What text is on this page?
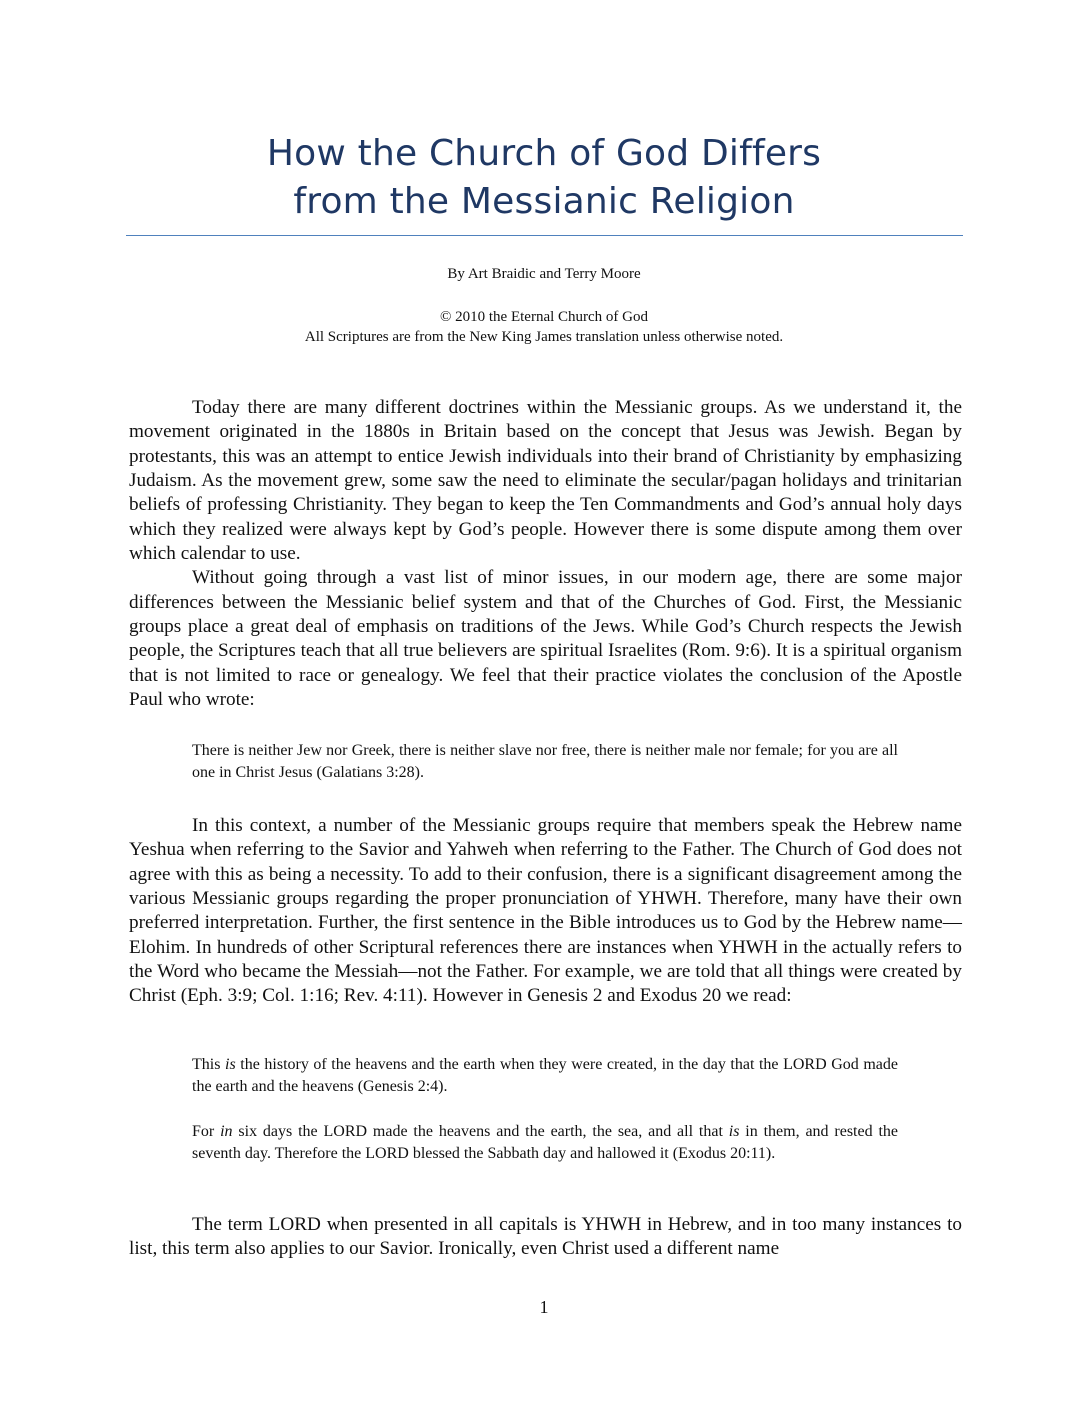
How the Church of God Differs
from the Messianic Religion
By Art Braidic and Terry Moore
© 2010 the Eternal Church of God
All Scriptures are from the New King James translation unless otherwise noted.

Today there are many different doctrines within the Messianic groups. As we understand it, the movement originated in the 1880s in Britain based on the concept that Jesus was Jewish. Began by protestants, this was an attempt to entice Jewish individuals into their brand of Christianity by emphasizing Judaism. As the movement grew, some saw the need to eliminate the secular/pagan holidays and trinitarian beliefs of professing Christianity. They began to keep the Ten Commandments and God’s annual holy days which they realized were always kept by God’s people. However there is some dispute among them over which calendar to use.

Without going through a vast list of minor issues, in our modern age, there are some major differences between the Messianic belief system and that of the Churches of God. First, the Messianic groups place a great deal of emphasis on traditions of the Jews. While God’s Church respects the Jewish people, the Scriptures teach that all true believers are spiritual Israelites (Rom. 9:6). It is a spiritual organism that is not limited to race or genealogy. We feel that their practice violates the conclusion of the Apostle Paul who wrote:

There is neither Jew nor Greek, there is neither slave nor free, there is neither male nor female; for you are all one in Christ Jesus (Galatians 3:28).

In this context, a number of the Messianic groups require that members speak the Hebrew name Yeshua when referring to the Savior and Yahweh when referring to the Father. The Church of God does not agree with this as being a necessity. To add to their confusion, there is a significant disagreement among the various Messianic groups regarding the proper pronunciation of YHWH. Therefore, many have their own preferred interpretation. Further, the first sentence in the Bible introduces us to God by the Hebrew name—Elohim. In hundreds of other Scriptural references there are instances when YHWH in the actually refers to the Word who became the Messiah—not the Father. For example, we are told that all things were created by Christ (Eph. 3:9; Col. 1:16; Rev. 4:11). However in Genesis 2 and Exodus 20 we read:

This is the history of the heavens and the earth when they were created, in the day that the LORD God made the earth and the heavens (Genesis 2:4).

For in six days the LORD made the heavens and the earth, the sea, and all that is in them, and rested the seventh day. Therefore the LORD blessed the Sabbath day and hallowed it (Exodus 20:11).

The term LORD when presented in all capitals is YHWH in Hebrew, and in too many instances to list, this term also applies to our Savior. Ironically, even Christ used a different name

1
